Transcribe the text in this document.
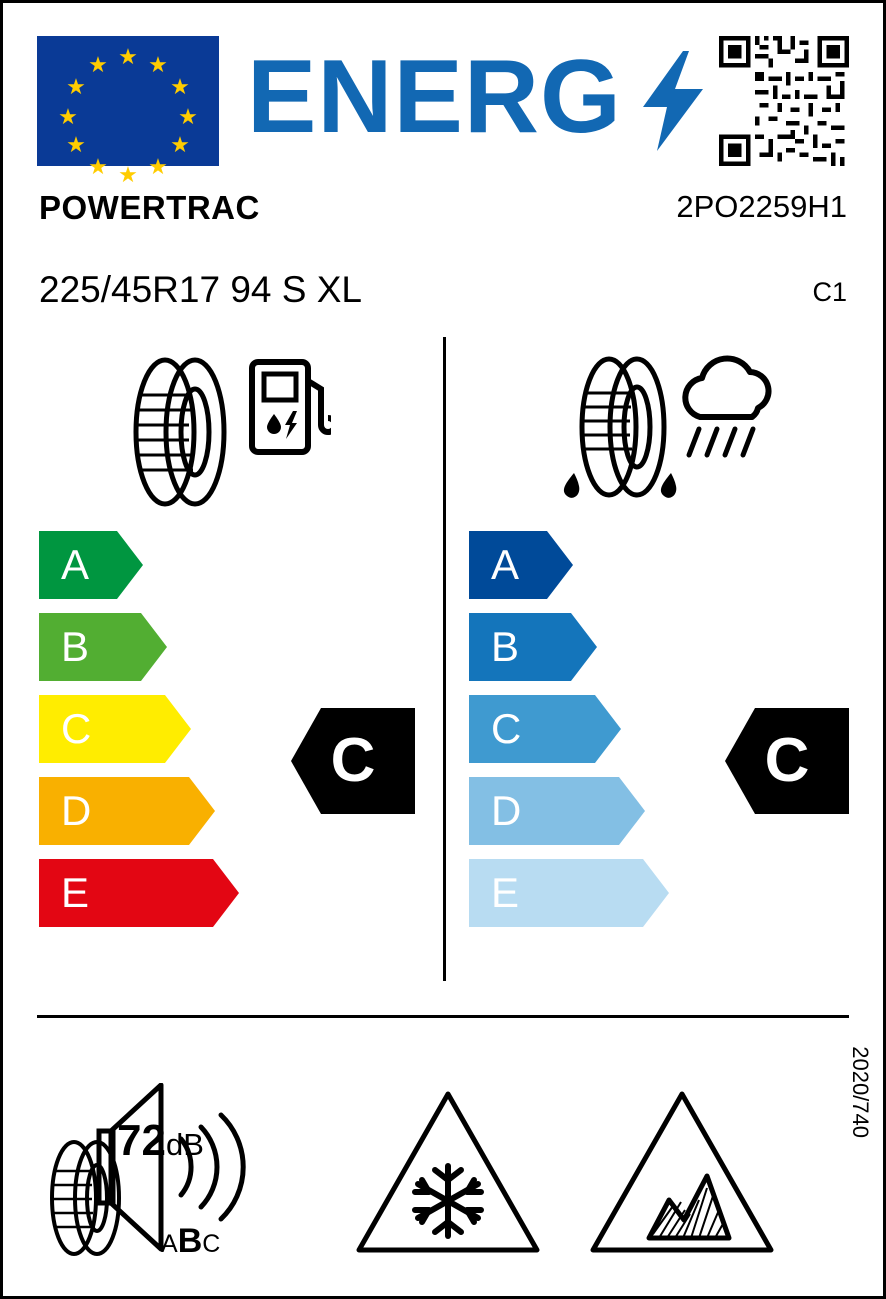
★ ★
★
★
★
★
★
★
★
★
★
★ ENERG
POWERTRAC	2PO2259H1
225/45R17 94 S XL	C1
A
B
C
D
E
A
B
C
D
E
C	C
72dB
ABC
2020/740
